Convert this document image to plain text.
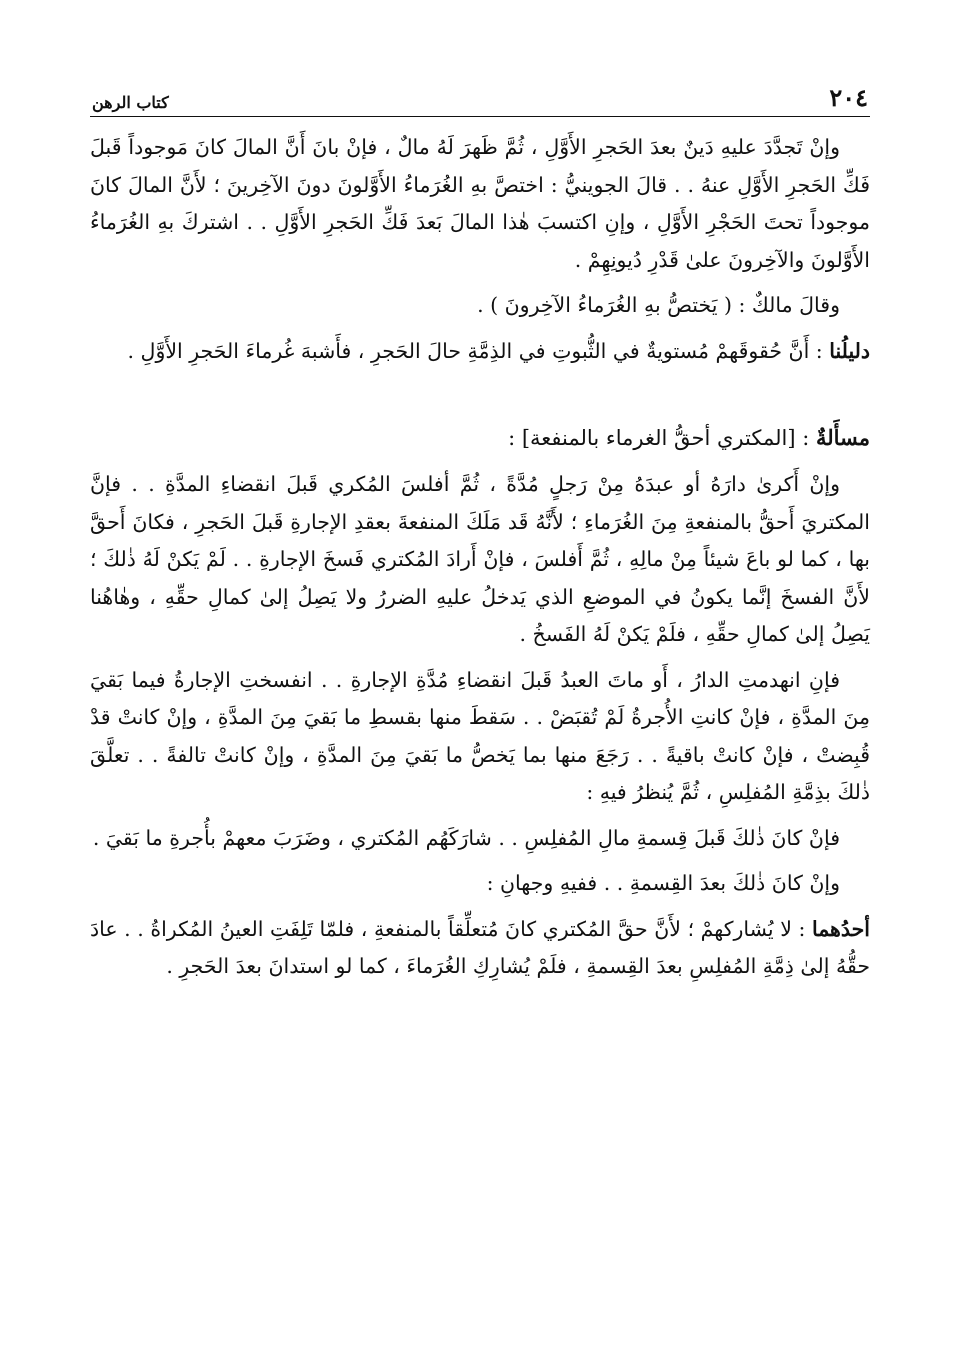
٢٠٤
كتاب الرهن

وإنْ تَجدَّدَ عليهِ دَينٌ بعدَ الحَجرِ الأَوَّلِ ، ثُمَّ ظَهرَ لَهُ مالٌ ، فإنْ بانَ أَنَّ المالَ كانَ مَوجوداً قَبلَ فَكِّ الحَجرِ الأَوَّلِ عنهُ . . قالَ الجوينيُّ : اختصَّ بهِ الغُرَماءُ الأَوَّلونَ دونَ الآخِرينَ ؛ لأَنَّ المالَ كانَ موجوداً تحتَ الحَجْرِ الأَوَّلِ ، وإنِ اكتسبَ هٰذا المالَ بَعدَ فَكِّ الحَجرِ الأَوَّلِ . . اشتركَ بهِ الغُرَماءُ الأَوَّلونَ والآخِرونَ علىٰ قَدْرِ دُيونِهِمْ .

وقالَ مالكٌ : ( يَختصُّ بهِ الغُرَماءُ الآخِرونَ ) .

دليلُنا : أَنَّ حُقوقَهمْ مُستويةٌ في الثُّبوتِ في الذِمَّةِ حالَ الحَجرِ ، فأَشبهَ غُرماءَ الحَجرِ الأَوَّلِ .

مسأَلةٌ : [المكتري أحقُّ الغرماء بالمنفعة] :

وإنْ أَكرىٰ دارَهُ أو عبدَهُ مِنْ رَجلٍ مُدَّةً ، ثُمَّ أفلسَ المُكري قَبلَ انقضاءِ المدَّةِ . . فإنَّ المكتريَ أَحقُّ بالمنفعةِ مِنَ الغُرَماءِ ؛ لأَنَّهُ قَد مَلَكَ المنفعةَ بعقدِ الإجارةِ قَبلَ الحَجرِ ، فكانَ أَحقَّ بها ، كما لو باعَ شيئاً مِنْ مالِهِ ، ثُمَّ أَفلسَ ، فإنْ أَرادَ المُكتري فَسخَ الإجارةِ . . لَمْ يَكنْ لَهُ ذٰلكَ ؛ لأَنَّ الفسخَ إنَّما يكونُ في الموضعِ الذي يَدخلُ عليهِ الضررُ ولا يَصِلُ إلىٰ كمالِ حقِّهِ ، وهٰاهُنا يَصِلُ إلىٰ كمالِ حقِّهِ ، فلَمْ يَكنْ لَهُ الفَسخُ .

فإنِ انهدمتِ الدارُ ، أَو ماتَ العبدُ قَبلَ انقضاءِ مُدَّةِ الإجارةِ . . انفسختِ الإجارةُ فيما بَقيَ مِنَ المدَّةِ ، فإنْ كانتِ الأُجرةُ لَمْ تُقبَضْ . . سَقطَ منها بقسطِ ما بَقيَ مِنَ المدَّةِ ، وإنْ كانتْ قدْ قُبِضتْ ، فإنْ كانتْ باقيةً . . رَجَعَ منها بما يَخصُّ ما بَقيَ مِنَ المدَّةِ ، وإنْ كانتْ تالفةً . . تعلَّقَ ذٰلكَ بذِمَّةِ المُفلِسِ ، ثُمَّ يُنظرُ فيهِ :

فإنْ كانَ ذٰلكَ قَبلَ قِسمةِ مالِ المُفلِسِ . . شارَكَهُم المُكتري ، وضَرَبَ معهمْ بأُجرةِ ما بَقيَ .

وإنْ كانَ ذٰلكَ بعدَ القِسمةِ . . ففيهِ وجهانِ :

أحدُهما : لا يُشاركهمْ ؛ لأَنَّ حقَّ المُكتري كانَ مُتعلِّقاً بالمنفعةِ ، فلمّا تَلِفَتِ العينُ المُكراةُ . . عادَ حقُّهُ إلىٰ ذِمَّةِ المُفلِسِ بعدَ القِسمةِ ، فلَمْ يُشارِكِ الغُرَماءَ ، كما لو استدانَ بعدَ الحَجرِ .
